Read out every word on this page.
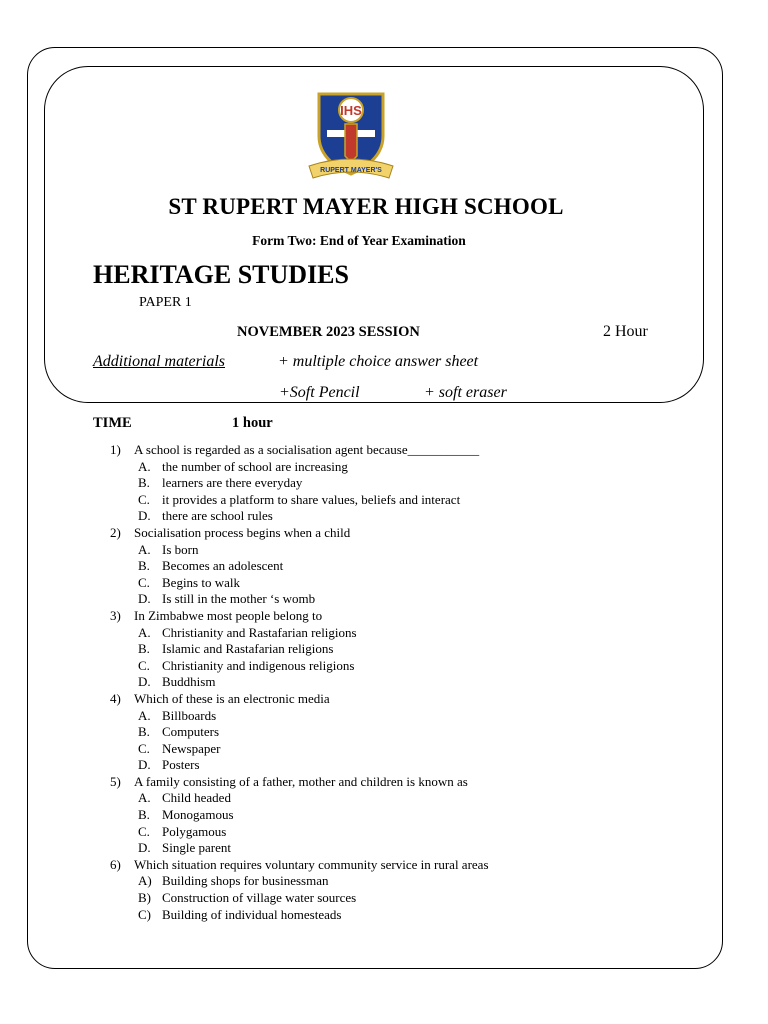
IHS
RUPERT MAYER'S
ST RUPERT MAYER HIGH SCHOOL
Form Two: End of Year Examination
HERITAGE STUDIES
PAPER 1
NOVEMBER 2023 SESSION	2 Hour
Additional materials	+ multiple choice answer sheet
+Soft Pencil	+ soft eraser
TIME	1 hour
1) A school is regarded as a socialisation agent because___________
A. the number of school are increasing
B. learners are there everyday
C. it provides a platform to share values, beliefs and interact
D. there are school rules
2) Socialisation process begins when a child
A. Is born
B. Becomes an adolescent
C. Begins to walk
D. Is still in the mother ‘s womb
3) In Zimbabwe most people belong to
A. Christianity and Rastafarian religions
B. Islamic and Rastafarian religions
C. Christianity and indigenous religions
D. Buddhism
4) Which of these is an electronic media
A. Billboards
B. Computers
C. Newspaper
D. Posters
5) A family consisting of a father, mother and children is known as
A. Child headed
B. Monogamous
C. Polygamous
D. Single parent
6) Which situation requires voluntary community service in rural areas
A) Building shops for businessman
B) Construction of village water sources
C) Building of individual homesteads
